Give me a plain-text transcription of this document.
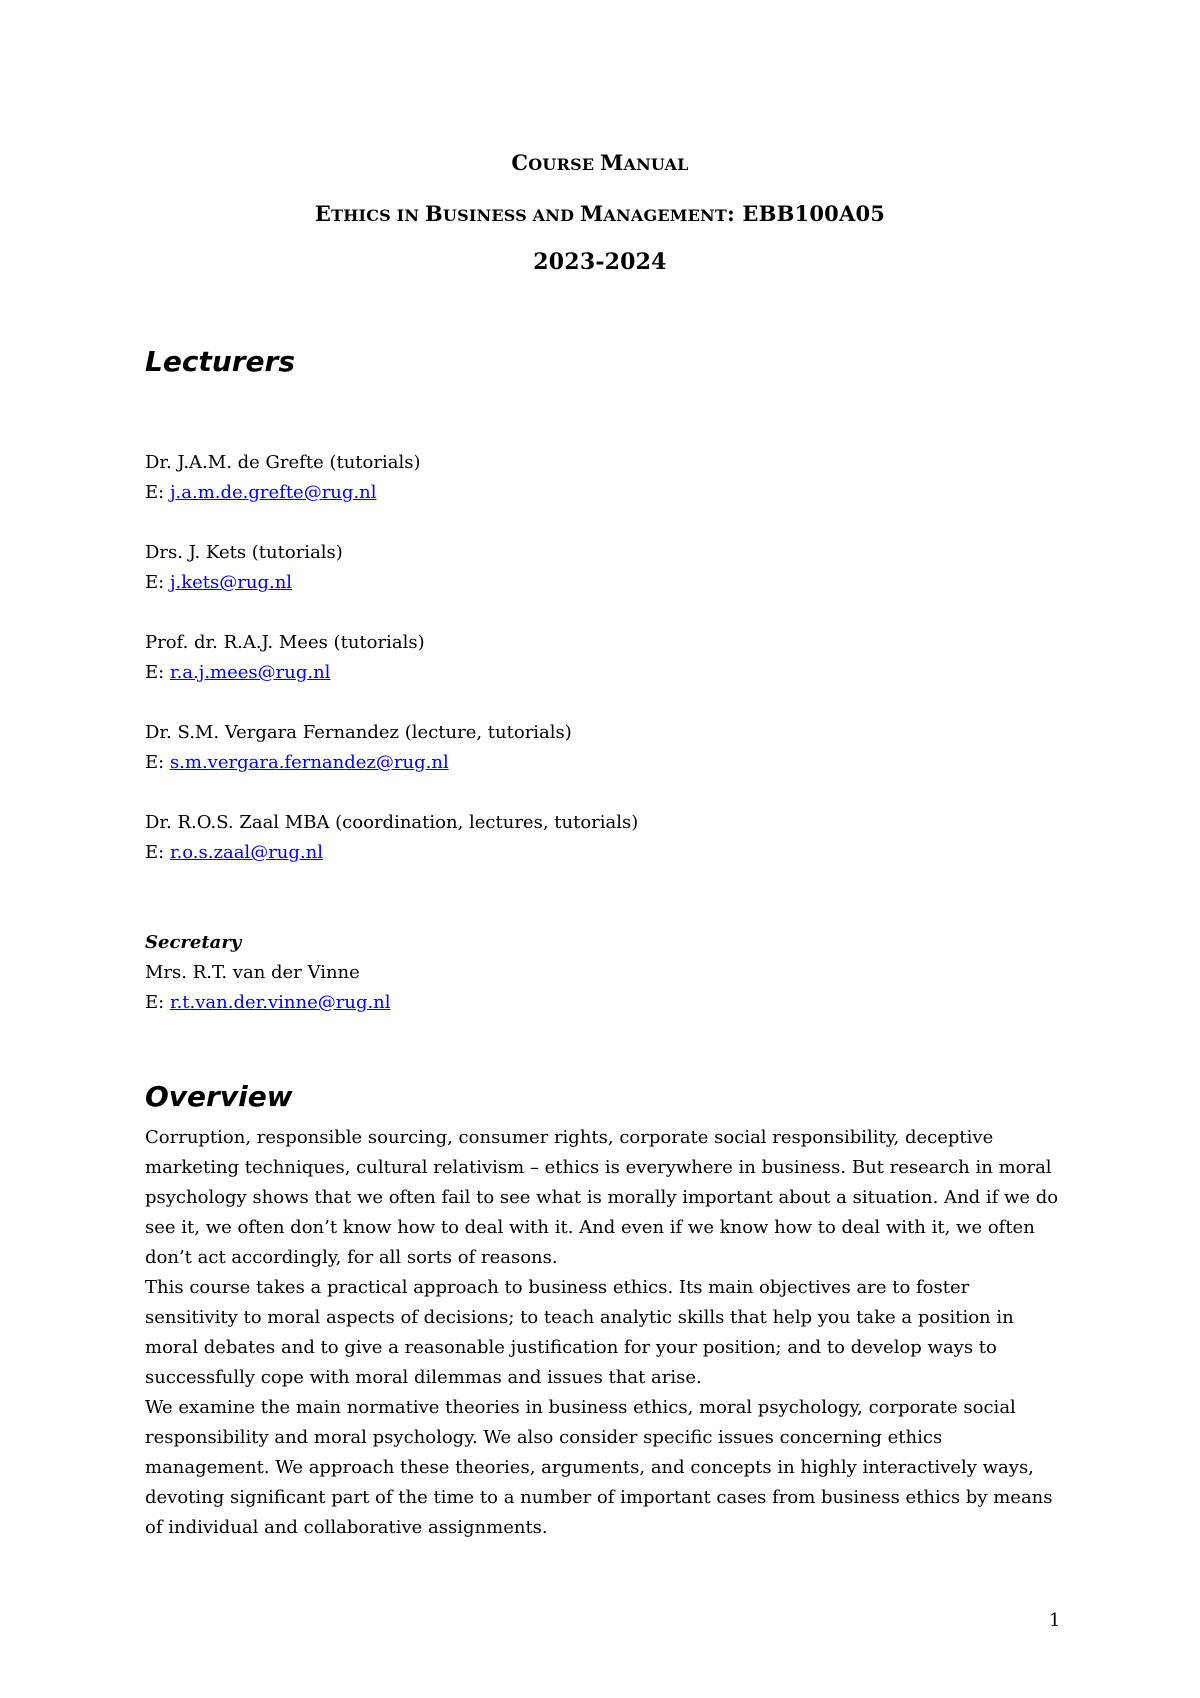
COURSE MANUAL
ETHICS IN BUSINESS AND MANAGEMENT: EBB100A05
2023-2024
Lecturers
Dr. J.A.M. de Grefte (tutorials)
E: j.a.m.de.grefte@rug.nl
Drs. J. Kets (tutorials)
E: j.kets@rug.nl
Prof. dr. R.A.J. Mees (tutorials)
E: r.a.j.mees@rug.nl
Dr. S.M. Vergara Fernandez (lecture, tutorials)
E: s.m.vergara.fernandez@rug.nl
Dr. R.O.S. Zaal MBA (coordination, lectures, tutorials)
E: r.o.s.zaal@rug.nl
Secretary
Mrs. R.T. van der Vinne
E: r.t.van.der.vinne@rug.nl
Overview

Corruption, responsible sourcing, consumer rights, corporate social responsibility, deceptive marketing techniques, cultural relativism – ethics is everywhere in business. But research in moral psychology shows that we often fail to see what is morally important about a situation. And if we do see it, we often don’t know how to deal with it. And even if we know how to deal with it, we often don’t act accordingly, for all sorts of reasons.

This course takes a practical approach to business ethics. Its main objectives are to foster sensitivity to moral aspects of decisions; to teach analytic skills that help you take a position in moral debates and to give a reasonable justification for your position; and to develop ways to successfully cope with moral dilemmas and issues that arise.

We examine the main normative theories in business ethics, moral psychology, corporate social responsibility and moral psychology. We also consider specific issues concerning ethics management. We approach these theories, arguments, and concepts in highly interactively ways, devoting significant part of the time to a number of important cases from business ethics by means of individual and collaborative assignments.

1
